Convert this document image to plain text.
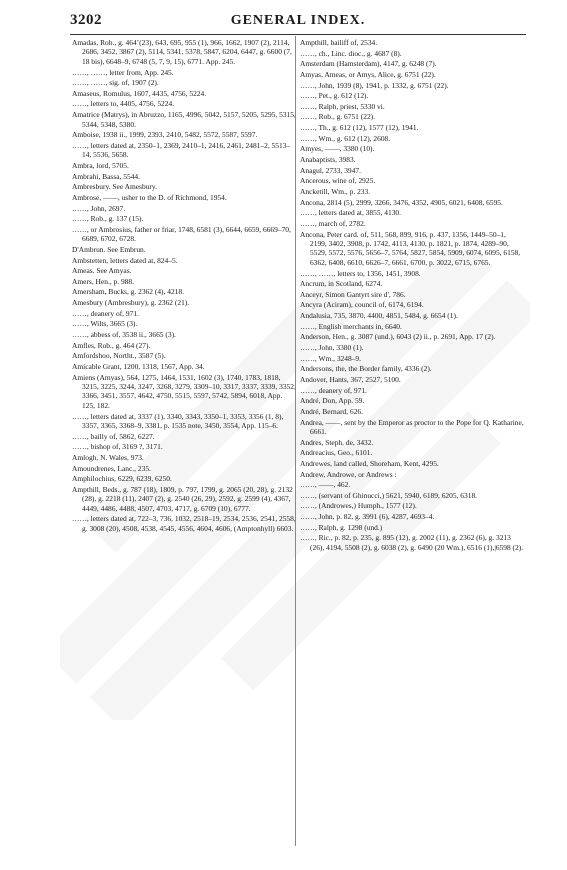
3202	GENERAL INDEX.

Amadas, Rob., g. 464ʼ(23), 643, 695, 955 (1), 966, 1662, 1907 (2), 2114, 2686, 3452, 3867 (2), 5114, 5341, 5378, 5847, 6204, 6447, g. 6600 (7, 18 bis), 6648–9, 6748 (5, 7, 9, 15), 6771. App. 245.

……, ……, letter from, App. 245.

……, ……, sig. of, 1907 (2).

Amaseus, Romulus, 1607, 4435, 4756, 5224.

……, letters to, 4405, 4756, 5224.

Amatrice (Matrys), in Abruzzo, 1165, 4996, 5042, 5157, 5205, 5295, 5315, 5344, 5348, 5380.

Amboise, 1938 ii., 1999, 2393, 2410, 5482, 5572, 5587, 5597.

……, letters dated at, 2350–1, 2369, 2410–1, 2416, 2461, 2481–2, 5513–14, 5536, 5658.

Ambra, lord, 5705.

Ambrahi, Bassa, 5544.

Ambresbury. See Amesbury.

Ambrose, ——, usher to the D. of Richmond, 1954.

……, John, 2697.

……, Rob., g. 137 (15).

……, or Ambrosius, father or friar, 1748, 6581 (3), 6644, 6659, 6669–70, 6689, 6702, 6728.

D'Ambrun. See Embrun.

Ambstetten, letters dated at, 824–5.

Ameas. See Amyas.

Amers, Hen., p. 988.

Amersham, Bucks, g. 2362 (4), 4218.

Amesbury (Ambresbury), g. 2362 (21).

……, deanery of, 971.

……, Wilts, 3665 (3).

……, abbess of, 3538 ii., 3665 (3).

Amfles, Rob., g. 464 (27).

Amfordshoo, Northt., 3587 (5).

Amicable Grant, 1200, 1318, 1567, App. 34.

Amiens (Amyas), 564, 1275, 1464, 1531, 1602 (3), 1740, 1783, 1818, 3215, 3225, 3244, 3247, 3268, 3279, 3309–10, 3317, 3337, 3339, 3352, 3366, 3451, 3557, 4642, 4750, 5515, 5597, 5742, 5894, 6018, App. 125, 182.

……, letters dated at, 3337 (1), 3340, 3343, 3350–1, 3353, 3356 (1, 8), 3357, 3365, 3368–9, 3381, p. 1535 note, 3450, 3554, App. 115–6.

……, bailly of, 5862, 6227.

……, bishop of, 3169 ?, 3171.

Amlogh, N. Wales, 973.

Amoundrenes, Lanc., 235.

Amphilochius, 6229, 6239, 6250.

Ampthill, Beds., g. 787 (18), 1809, p. 797, 1799, g. 2065 (20, 28), g. 2132 (28), g. 2218 (11), 2407 (2), g. 2540 (26, 29), 2592, g. 2599 (4), 4367, 4449, 4486, 4488, 4507, 4703, 4717, g. 6709 (10), 6777.

……, letters dated at, 722–3, 736, 1032, 2518–19, 2534, 2536, 2541, 2558, g. 3008 (20), 4508, 4538, 4545, 4556, 4604, 4606, (Amptonhyll) 6603.

Ampthill, bailiff of, 2534.

……, ch., Linc. dioc., g. 4687 (8).

Amsterdam (Hamsterdam), 4147, g. 6248 (7).

Amyas, Ameas, or Amys, Alice, g. 6751 (22).

……, John, 1939 (8), 1941, p. 1332, g. 6751 (22).

……, Pet., g. 612 (12).

……, Ralph, priest, 5330 vi.

……, Rob., g. 6751 (22).

……, Th., g. 612 (12), 1577 (12), 1941.

……, Wm., g. 612 (12), 2608.

Amyes, ——, 3380 (10).

Anabaptists, 3983.

Anagul, 2733, 3947.

Ancerous, wine of, 2925.

Ancketill, Wm., p. 233.

Ancona, 2814 (5), 2999, 3266, 3476, 4352, 4905, 6021, 6408, 6595.

……, letters dated at, 3855, 4130.

……, march of, 2782.

Ancona, Peter card. of, 511, 568, 899, 916, p. 437, 1356, 1449–50–1, 2199, 3402, 3908, p. 1742, 4113, 4130, p. 1821, p. 1874, 4289–90, 5529, 5572, 5576, 5656–7, 5764, 5827, 5854, 5909, 6074, 6095, 6158, 6362, 6408, 6610, 6626–7, 6661, 6700, p. 3022, 6715, 6765.

……, ……, letters to, 1356, 1451, 3908.

Ancrum, in Scotland, 6274.

Anceyr, Simon Gantyrt sire d', 786.

Ancyra (Aciram), council of, 6174, 6194.

Andalusia, 735, 3870, 4400, 4851, 5484, g. 6654 (1).

……, English merchants in, 6640.

Anderson, Hen., g. 3087 (und.), 6043 (2) ii., p. 2691, App. 17 (2).

……, John, 3380 (1).

……, Wm., 3248–9.

Andersons, the, the Border family, 4336 (2).

Andover, Hants, 367, 2527, 5100.

……, deanery of, 971.

André, Don, App. 59.

André, Bernard, 626.

Andrea, ——, sent by the Emperor as proctor to the Pope for Q. Katharine, 6661.

Andres, Steph. de, 3432.

Andreacius, Geo., 6101.

Andrewes, land called, Shoreham, Kent, 4295.

Andrew, Androwe, or Andrews :

……, ——, 462.

……, (servant of Ghinucci,) 5621, 5940, 6189, 6205, 6318.

……, (Androwes,) Humph., 1577 (12).

……, John, p. 82, g. 3991 (6), 4287, 4693–4.

……, Ralph, g. 1298 (und.)

……, Ric., p. 82, p. 235, g. 895 (12), g. 2002 (11), g. 2362 (6), g. 3213 (26), 4194, 5508 (2), g. 6038 (2), g. 6490 (20 Wm.), 6516 (1),|6598 (2).
